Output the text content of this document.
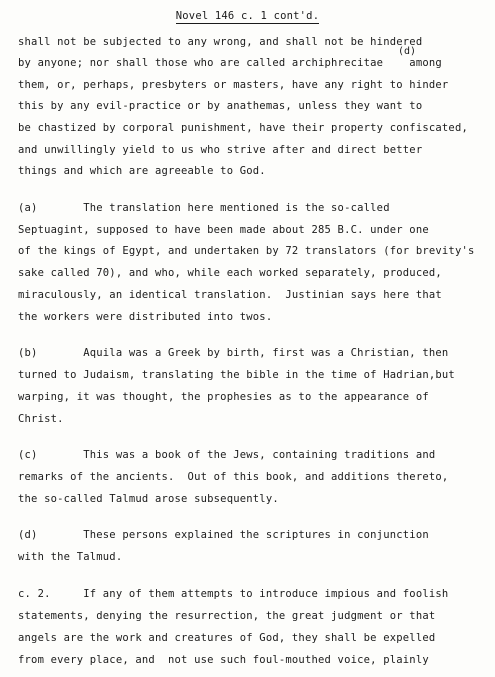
Novel 146 c. 1 cont'd.
(d)
shall not be subjected to any wrong, and shall not be hindered
by anyone; nor shall those who are called archiphrecitae    among
them, or, perhaps, presbyters or masters, have any right to hinder
this by any evil-practice or by anathemas, unless they want to
be chastized by corporal punishment, have their property confiscated,
and unwillingly yield to us who strive after and direct better
things and which are agreeable to God.
(a)       The translation here mentioned is the so-called
Septuagint, supposed to have been made about 285 B.C. under one
of the kings of Egypt, and undertaken by 72 translators (for brevity's
sake called 70), and who, while each worked separately, produced,
miraculously, an identical translation.  Justinian says here that
the workers were distributed into twos.
(b)       Aquila was a Greek by birth, first was a Christian, then
turned to Judaism, translating the bible in the time of Hadrian,but
warping, it was thought, the prophesies as to the appearance of
Christ.
(c)       This was a book of the Jews, containing traditions and
remarks of the ancients.  Out of this book, and additions thereto,
the so-called Talmud arose subsequently.
(d)       These persons explained the scriptures in conjunction
with the Talmud.
c. 2.     If any of them attempts to introduce impious and foolish
statements, denying the resurrection, the great judgment or that
angels are the work and creatures of God, they shall be expelled
from every place, and  not use such foul-mouthed voice, plainly
